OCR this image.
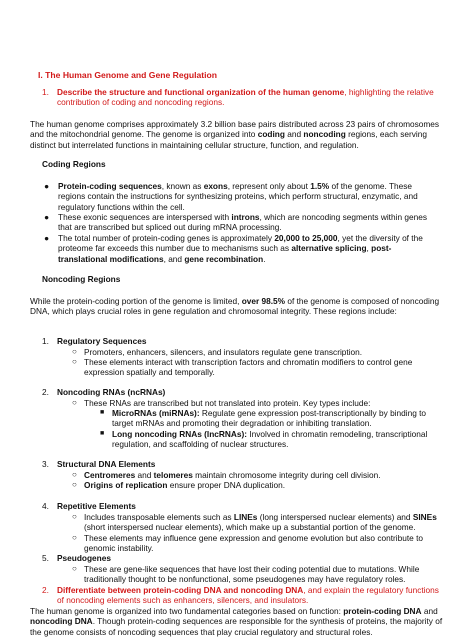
I. The Human Genome and Gene Regulation
1. Describe the structure and functional organization of the human genome, highlighting the relative contribution of coding and noncoding regions.
The human genome comprises approximately 3.2 billion base pairs distributed across 23 pairs of chromosomes and the mitochondrial genome. The genome is organized into coding and noncoding regions, each serving distinct but interrelated functions in maintaining cellular structure, function, and regulation.
Coding Regions
● Protein-coding sequences, known as exons, represent only about 1.5% of the genome. These regions contain the instructions for synthesizing proteins, which perform structural, enzymatic, and regulatory functions within the cell.
● These exonic sequences are interspersed with introns, which are noncoding segments within genes that are transcribed but spliced out during mRNA processing.
● The total number of protein-coding genes is approximately 20,000 to 25,000, yet the diversity of the proteome far exceeds this number due to mechanisms such as alternative splicing, post-translational modifications, and gene recombination.
Noncoding Regions
While the protein-coding portion of the genome is limited, over 98.5% of the genome is composed of noncoding DNA, which plays crucial roles in gene regulation and chromosomal integrity. These regions include:
1. Regulatory Sequences
○ Promoters, enhancers, silencers, and insulators regulate gene transcription.
○ These elements interact with transcription factors and chromatin modifiers to control gene expression spatially and temporally.
2. Noncoding RNAs (ncRNAs)
○ These RNAs are transcribed but not translated into protein. Key types include:
■ MicroRNAs (miRNAs): Regulate gene expression post-transcriptionally by binding to target mRNAs and promoting their degradation or inhibiting translation.
■ Long noncoding RNAs (lncRNAs): Involved in chromatin remodeling, transcriptional regulation, and scaffolding of nuclear structures.
3. Structural DNA Elements
○ Centromeres and telomeres maintain chromosome integrity during cell division.
○ Origins of replication ensure proper DNA duplication.
4. Repetitive Elements
○ Includes transposable elements such as LINEs (long interspersed nuclear elements) and SINEs (short interspersed nuclear elements), which make up a substantial portion of the genome.
○ These elements may influence gene expression and genome evolution but also contribute to genomic instability.
5. Pseudogenes
○ These are gene-like sequences that have lost their coding potential due to mutations. While traditionally thought to be nonfunctional, some pseudogenes may have regulatory roles.
2. Differentiate between protein-coding DNA and noncoding DNA, and explain the regulatory functions of noncoding elements such as enhancers, silencers, and insulators.
The human genome is organized into two fundamental categories based on function: protein-coding DNA and noncoding DNA. Though protein-coding sequences are responsible for the synthesis of proteins, the majority of the genome consists of noncoding sequences that play crucial regulatory and structural roles.
